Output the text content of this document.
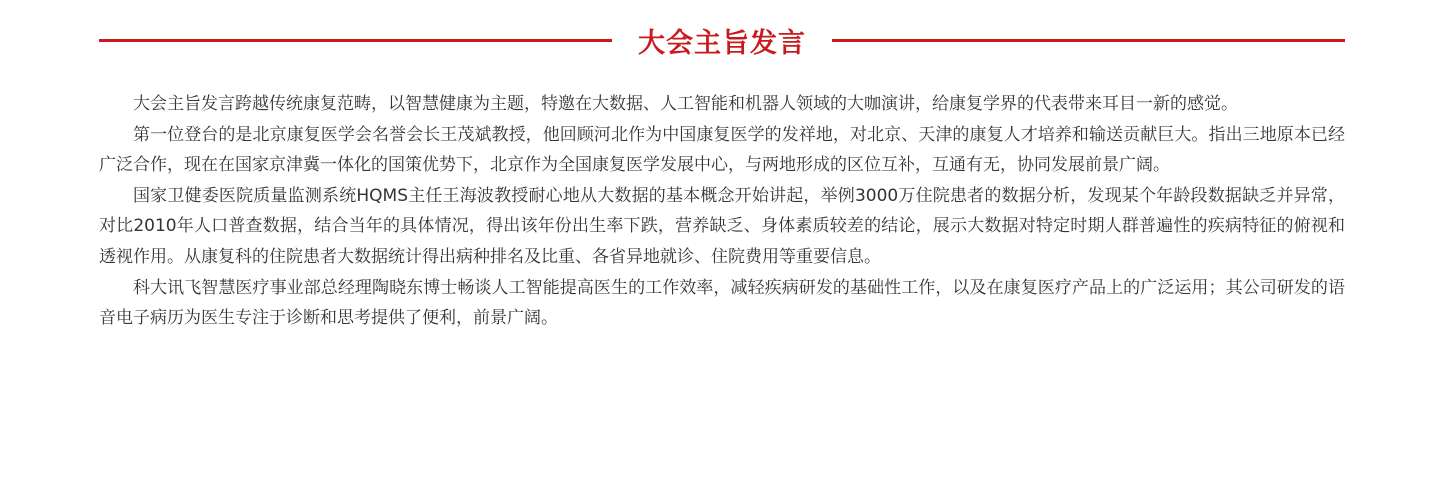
大会主旨发言

大会主旨发言跨越传统康复范畴，以智慧健康为主题，特邀在大数据、人工智能和机器人领域的大咖演讲，给康复学界的代表带来耳目一新的感觉。

第一位登台的是北京康复医学会名誉会长王茂斌教授，他回顾河北作为中国康复医学的发祥地，对北京、天津的康复人才培养和输送贡献巨大。指出三地原本已经广泛合作，现在在国家京津冀一体化的国策优势下，北京作为全国康复医学发展中心，与两地形成的区位互补，互通有无，协同发展前景广阔。

国家卫健委医院质量监测系统HQMS主任王海波教授耐心地从大数据的基本概念开始讲起，举例3000万住院患者的数据分析，发现某个年龄段数据缺乏并异常，对比2010年人口普查数据，结合当年的具体情况，得出该年份出生率下跌，营养缺乏、身体素质较差的结论，展示大数据对特定时期人群普遍性的疾病特征的俯视和透视作用。从康复科的住院患者大数据统计得出病种排名及比重、各省异地就诊、住院费用等重要信息。

科大讯飞智慧医疗事业部总经理陶晓东博士畅谈人工智能提高医生的工作效率，减轻疾病研发的基础性工作，以及在康复医疗产品上的广泛运用；其公司研发的语音电子病历为医生专注于诊断和思考提供了便利，前景广阔。
